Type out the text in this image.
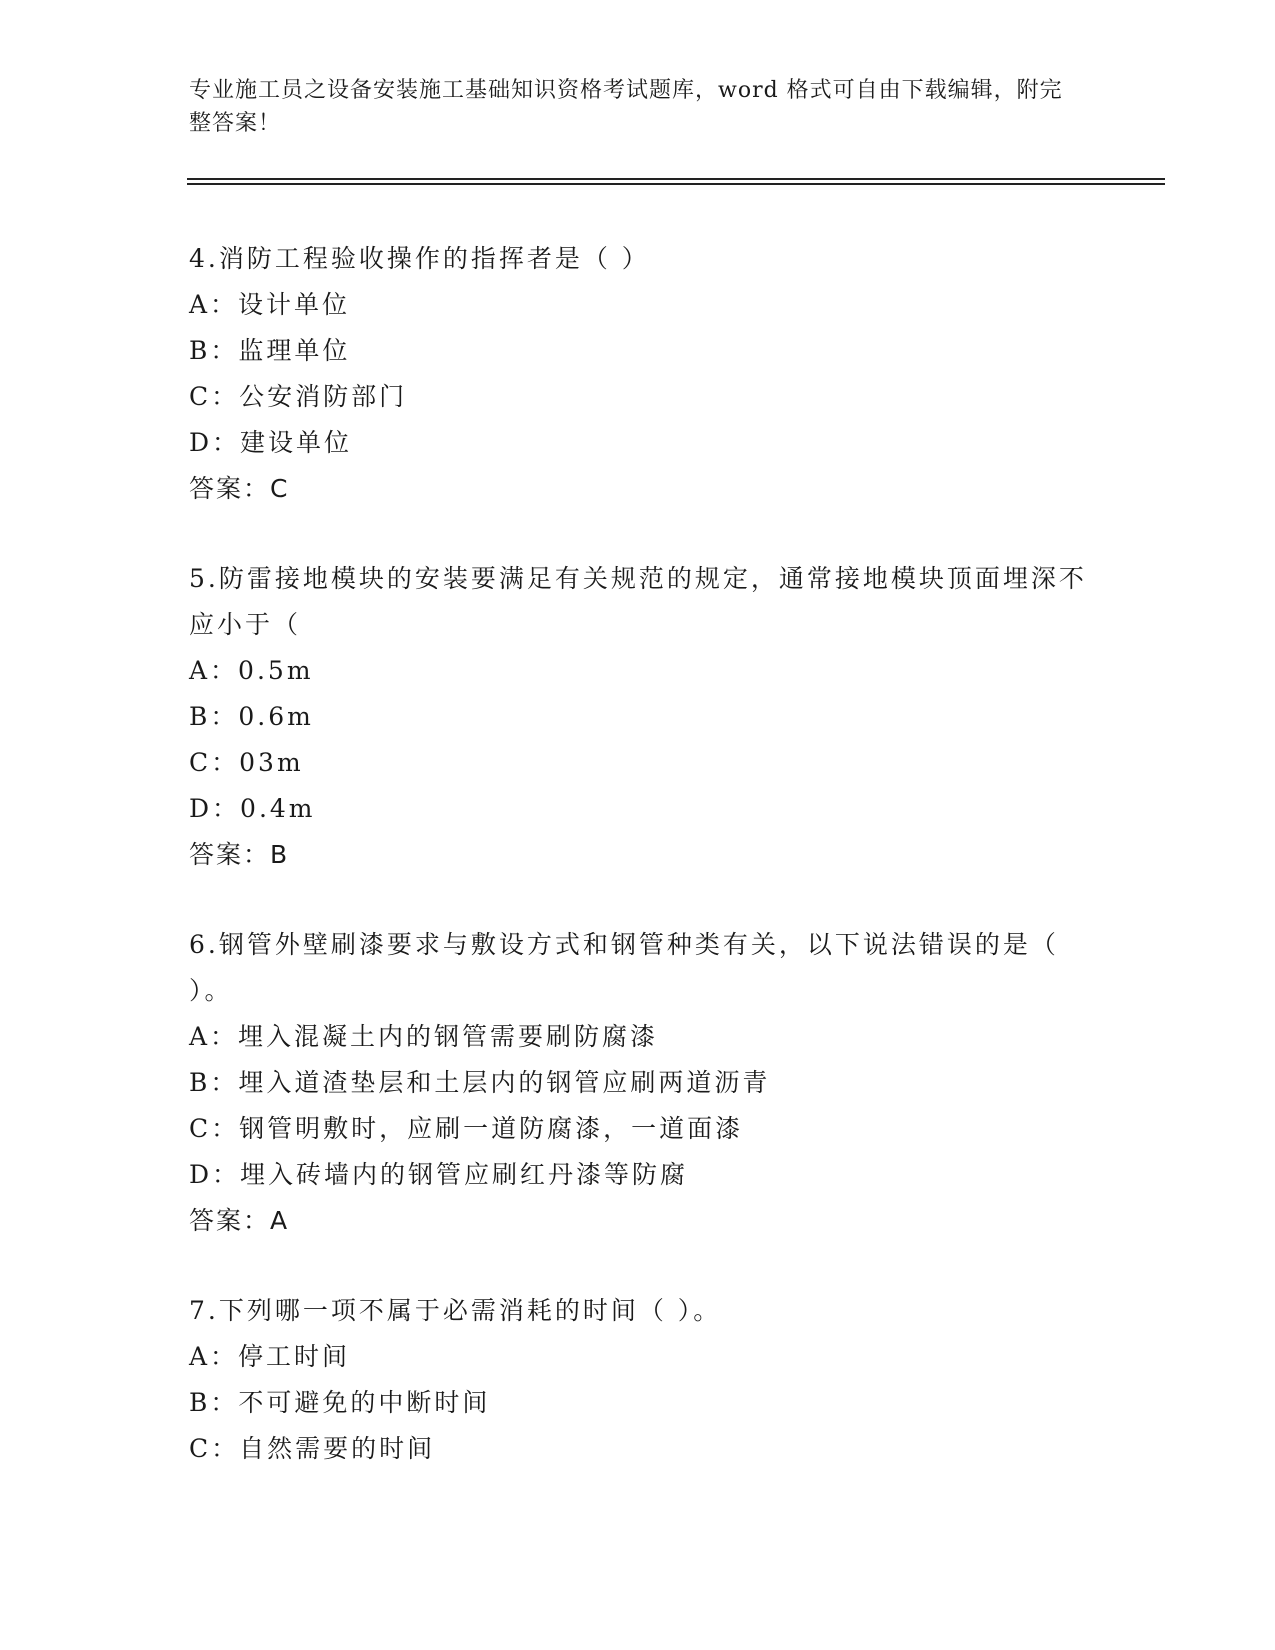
专业施工员之设备安装施工基础知识资格考试题库，word 格式可自由下载编辑，附完整答案！

4.消防工程验收操作的指挥者是（ ）

A：设计单位

B：监理单位

C：公安消防部门

D：建设单位

答案：C

5.防雷接地模块的安装要满足有关规范的规定，通常接地模块顶面埋深不应小于（

A：0.5m

B：0.6m

C：03m

D：0.4m

答案：B

6.钢管外壁刷漆要求与敷设方式和钢管种类有关，以下说法错误的是（ ）。

A：埋入混凝土内的钢管需要刷防腐漆

B：埋入道渣垫层和土层内的钢管应刷两道沥青

C：钢管明敷时，应刷一道防腐漆，一道面漆

D：埋入砖墙内的钢管应刷红丹漆等防腐

答案：A

7.下列哪一项不属于必需消耗的时间（ ）。

A：停工时间

B：不可避免的中断时间

C：自然需要的时间
